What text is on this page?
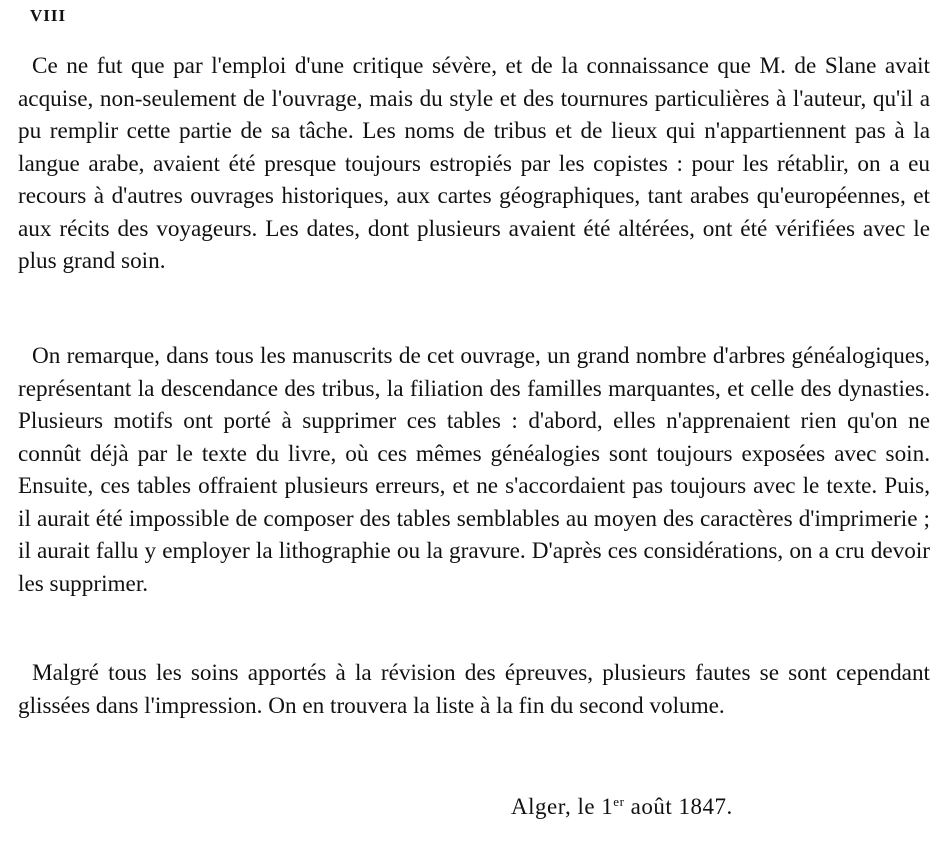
VIII

Ce ne fut que par l'emploi d'une critique sévère, et de la connaissance que M. de Slane avait acquise, non-seulement de l'ouvrage, mais du style et des tournures particulières à l'auteur, qu'il a pu remplir cette partie de sa tâche. Les noms de tribus et de lieux qui n'appartiennent pas à la langue arabe, avaient été presque toujours estropiés par les copistes : pour les rétablir, on a eu recours à d'autres ouvrages historiques, aux cartes géographiques, tant arabes qu'européennes, et aux récits des voyageurs. Les dates, dont plusieurs avaient été altérées, ont été vérifiées avec le plus grand soin.

On remarque, dans tous les manuscrits de cet ouvrage, un grand nombre d'arbres généalogiques, représentant la descendance des tribus, la filiation des familles marquantes, et celle des dynasties. Plusieurs motifs ont porté à supprimer ces tables : d'abord, elles n'apprenaient rien qu'on ne connût déjà par le texte du livre, où ces mêmes généalogies sont toujours exposées avec soin. Ensuite, ces tables offraient plusieurs erreurs, et ne s'accordaient pas toujours avec le texte. Puis, il aurait été impossible de composer des tables semblables au moyen des caractères d'imprimerie ; il aurait fallu y employer la lithographie ou la gravure. D'après ces considérations, on a cru devoir les supprimer.

Malgré tous les soins apportés à la révision des épreuves, plusieurs fautes se sont cependant glissées dans l'impression. On en trouvera la liste à la fin du second volume.

Alger, le 1er août 1847.
